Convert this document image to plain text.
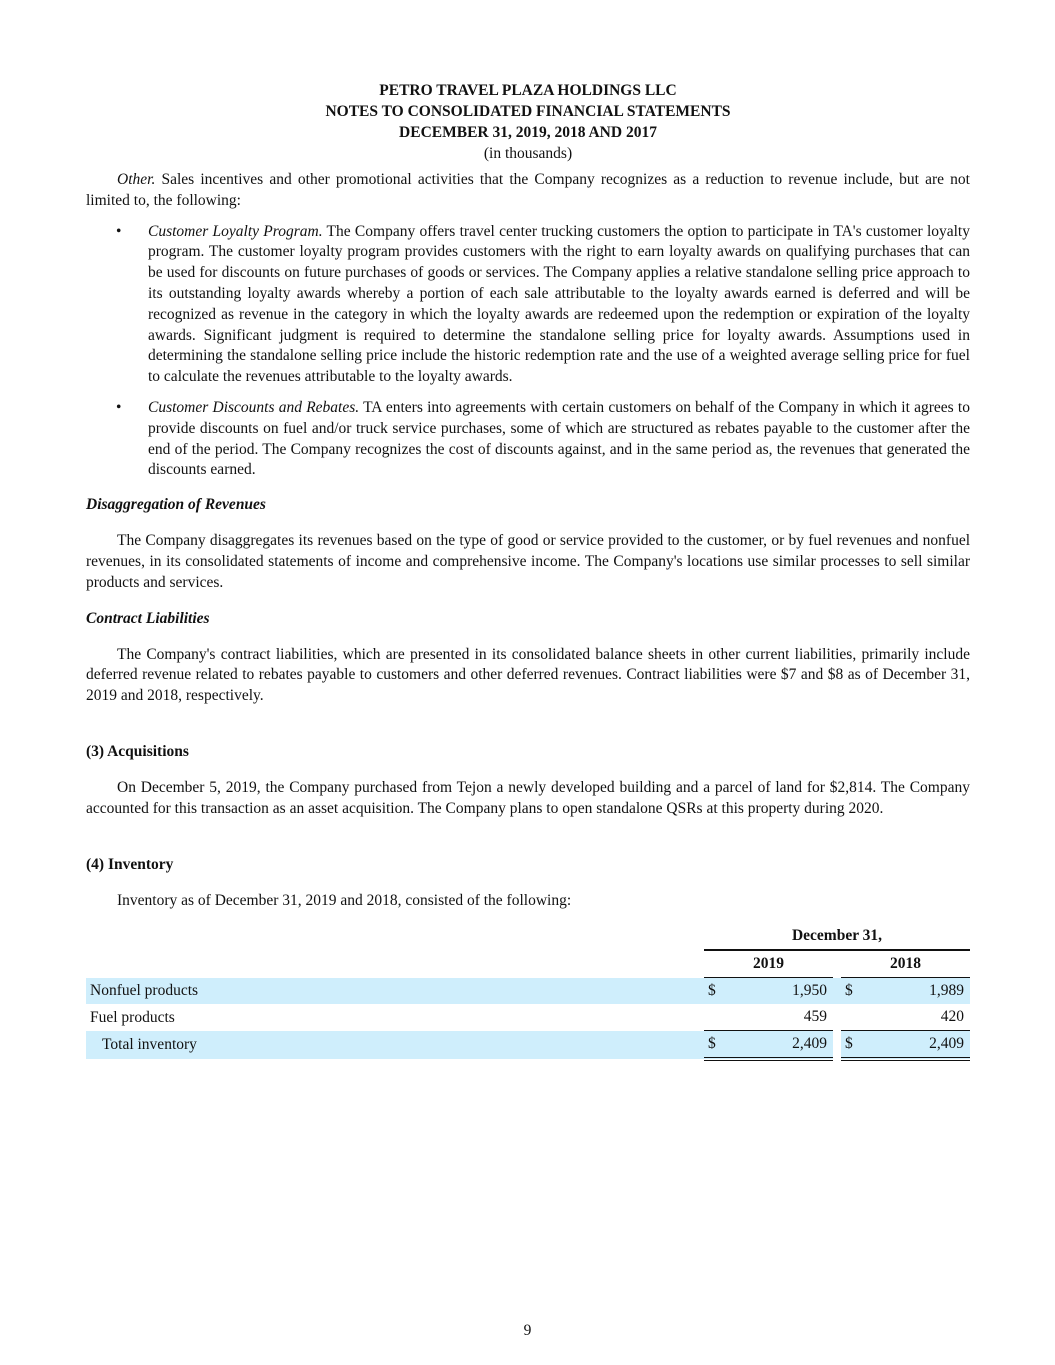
PETRO TRAVEL PLAZA HOLDINGS LLC
NOTES TO CONSOLIDATED FINANCIAL STATEMENTS
DECEMBER 31, 2019, 2018 AND 2017
(in thousands)

Other. Sales incentives and other promotional activities that the Company recognizes as a reduction to revenue include, but are not limited to, the following:

• Customer Loyalty Program. The Company offers travel center trucking customers the option to participate in TA's customer loyalty program. The customer loyalty program provides customers with the right to earn loyalty awards on qualifying purchases that can be used for discounts on future purchases of goods or services. The Company applies a relative standalone selling price approach to its outstanding loyalty awards whereby a portion of each sale attributable to the loyalty awards earned is deferred and will be recognized as revenue in the category in which the loyalty awards are redeemed upon the redemption or expiration of the loyalty awards. Significant judgment is required to determine the standalone selling price for loyalty awards. Assumptions used in determining the standalone selling price include the historic redemption rate and the use of a weighted average selling price for fuel to calculate the revenues attributable to the loyalty awards.

• Customer Discounts and Rebates. TA enters into agreements with certain customers on behalf of the Company in which it agrees to provide discounts on fuel and/or truck service purchases, some of which are structured as rebates payable to the customer after the end of the period. The Company recognizes the cost of discounts against, and in the same period as, the revenues that generated the discounts earned.

Disaggregation of Revenues

The Company disaggregates its revenues based on the type of good or service provided to the customer, or by fuel revenues and nonfuel revenues, in its consolidated statements of income and comprehensive income. The Company's locations use similar processes to sell similar products and services.

Contract Liabilities

The Company's contract liabilities, which are presented in its consolidated balance sheets in other current liabilities, primarily include deferred revenue related to rebates payable to customers and other deferred revenues. Contract liabilities were $7 and $8 as of December 31, 2019 and 2018, respectively.

(3) Acquisitions

On December 5, 2019, the Company purchased from Tejon a newly developed building and a parcel of land for $2,814. The Company accounted for this transaction as an asset acquisition. The Company plans to open standalone QSRs at this property during 2020.

(4) Inventory

Inventory as of December 31, 2019 and 2018, consisted of the following:

	December 31,				
	2019			2018	
Nonfuel products	$	1,950		$	1,989
Fuel products		459			420
Total inventory	$	2,409		$	2,409
9
